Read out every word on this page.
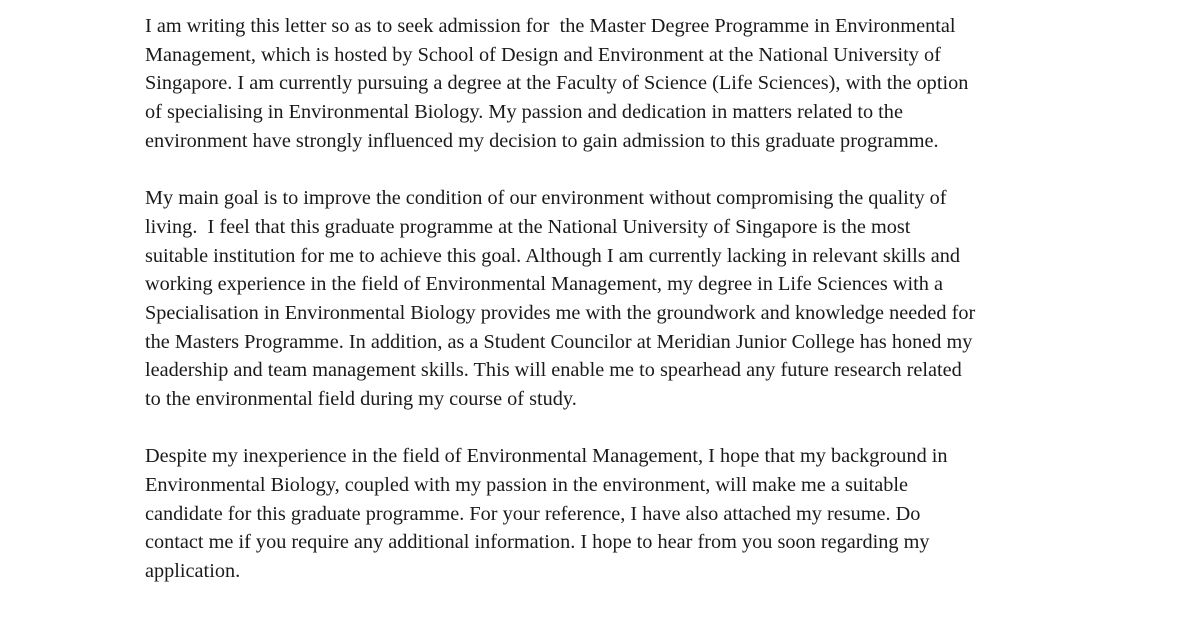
I am writing this letter so as to seek admission for  the Master Degree Programme in Environmental
Management, which is hosted by School of Design and Environment at the National University of
Singapore. I am currently pursuing a degree at the Faculty of Science (Life Sciences), with the option
of specialising in Environmental Biology. My passion and dedication in matters related to the
environment have strongly influenced my decision to gain admission to this graduate programme.
My main goal is to improve the condition of our environment without compromising the quality of
living.  I feel that this graduate programme at the National University of Singapore is the most
suitable institution for me to achieve this goal. Although I am currently lacking in relevant skills and
working experience in the field of Environmental Management, my degree in Life Sciences with a
Specialisation in Environmental Biology provides me with the groundwork and knowledge needed for
the Masters Programme. In addition, as a Student Councilor at Meridian Junior College has honed my
leadership and team management skills. This will enable me to spearhead any future research related
to the environmental field during my course of study.
Despite my inexperience in the field of Environmental Management, I hope that my background in
Environmental Biology, coupled with my passion in the environment, will make me a suitable
candidate for this graduate programme. For your reference, I have also attached my resume. Do
contact me if you require any additional information. I hope to hear from you soon regarding my
application.
